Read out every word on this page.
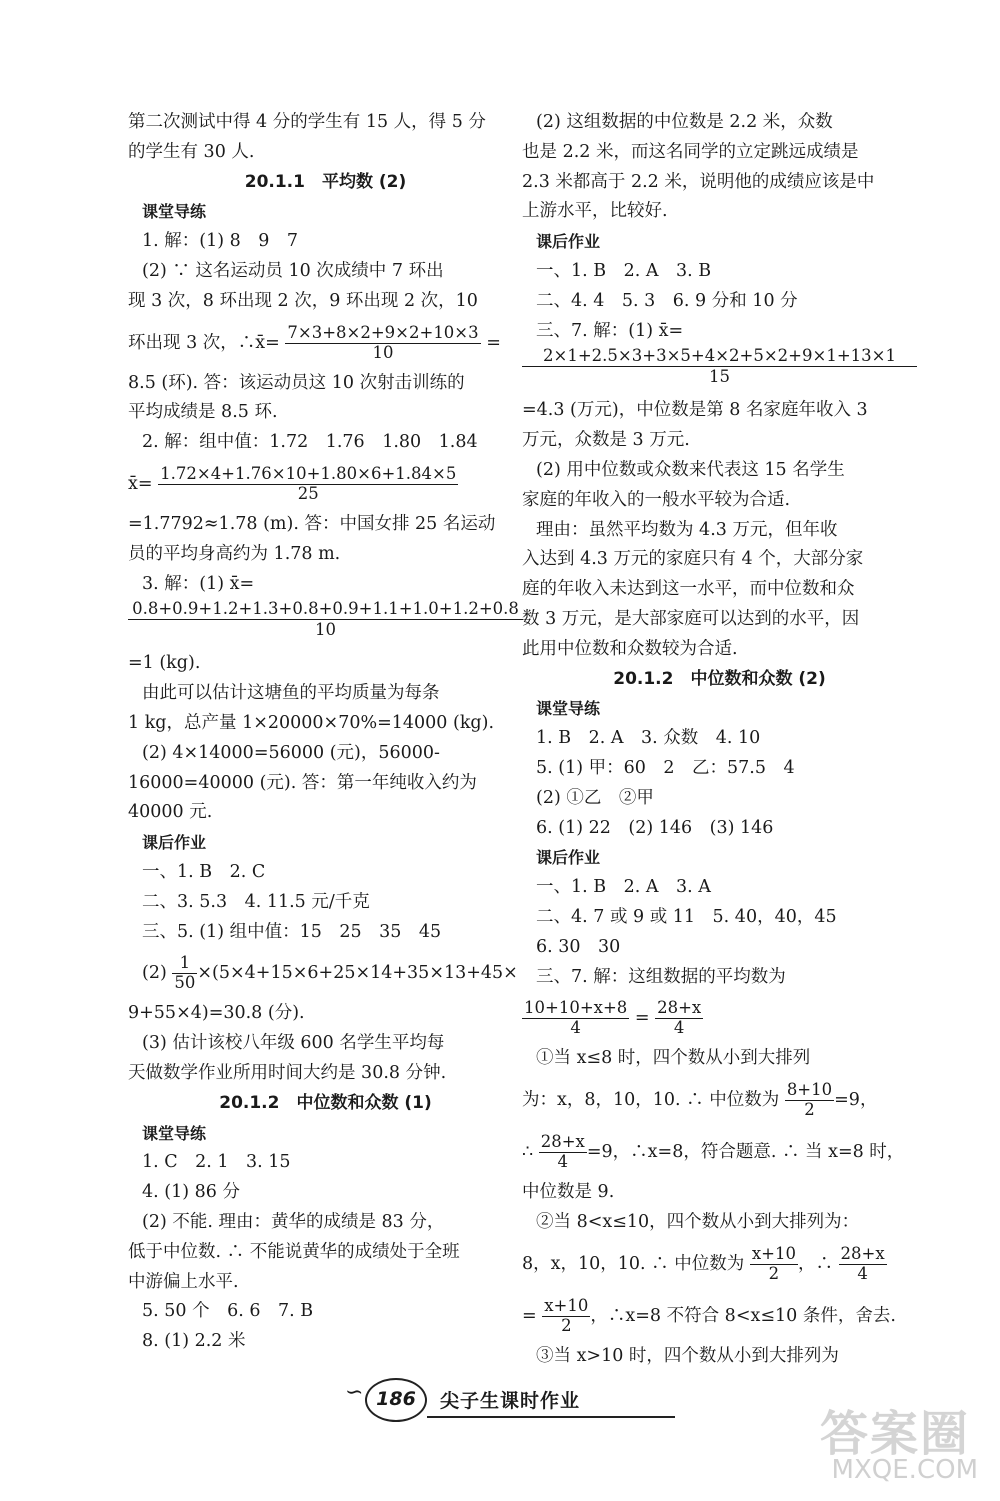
第二次测试中得 4 分的学生有 15 人，得 5 分
的学生有 30 人.
20.1.1　平均数 (2)
课堂导练
1. 解：(1) 8　9　7
(2) ∵ 这名运动员 10 次成绩中 7 环出
现 3 次，8 环出现 2 次，9 环出现 2 次，10
环出现 3 次，∴x̄= $\frac{7\times 3+8\times 2+9\times 2+10\times 3}{10}$ =
8.5 (环). 答：该运动员这 10 次射击训练的
平均成绩是 8.5 环.
2. 解：组中值：1.72　1.76　1.80　1.84
x̄= $\frac{1.72\times 4+1.76\times 10+1.80\times 6+1.84\times 5}{25}$
=1.7792≈1.78 (m). 答：中国女排 25 名运动
员的平均身高约为 1.78 m.
3. 解：(1) x̄=
0.8+0.9+1.2+1.3+0.8+0.9+1.1+1.0+1.2+0.8
10
=1 (kg).
由此可以估计这塘鱼的平均质量为每条
1 kg，总产量 1×20000×70%=14000 (kg).
(2) 4×14000=56000 (元)，56000-
16000=40000 (元). 答：第一年纯收入约为
40000 元.
课后作业
一、1. B　2. C
二、3. 5.3　4. 11.5 元/千克
三、5. (1) 组中值：15　25　35　45
$(2) \frac{1}{50} \times(5\times 4+15\times 6+25\times 14+35\times 13+45\times$
9+55×4)=30.8 (分).
(3) 估计该校八年级 600 名学生平均每
天做数学作业所用时间大约是 30.8 分钟.
20.1.2　中位数和众数 (1)
课堂导练
1. C　2. 1　3. 15
4. (1) 86 分
(2) 不能. 理由：黄华的成绩是 83 分，
低于中位数. ∴ 不能说黄华的成绩处于全班
中游偏上水平.
5. 50 个　6. 6　7. B
8. (1) 2.2 米
(2) 这组数据的中位数是 2.2 米，众数
也是 2.2 米，而这名同学的立定跳远成绩是
2.3 米都高于 2.2 米，说明他的成绩应该是中
上游水平，比较好.
课后作业
一、1. B　2. A　3. B
二、4. 4　5. 3　6. 9 分和 10 分
三、7. 解：(1) x̄=
2×1+2.5×3+3×5+4×2+5×2+9×1+13×1
15
=4.3 (万元)，中位数是第 8 名家庭年收入 3
万元，众数是 3 万元.
(2) 用中位数或众数来代表这 15 名学生
家庭的年收入的一般水平较为合适.
理由：虽然平均数为 4.3 万元，但年收
入达到 4.3 万元的家庭只有 4 个，大部分家
庭的年收入未达到这一水平，而中位数和众
数 3 万元，是大部家庭可以达到的水平，因
此用中位数和众数较为合适.
20.1.2　中位数和众数 (2)
课堂导练
1. B　2. A　3. 众数　4. 10
5. (1) 甲：60　2　乙：57.5　4
(2) ①乙　②甲
6. (1) 22　(2) 146　(3) 146
课后作业
一、1. B　2. A　3. A
二、4. 7 或 9 或 11　5. 40，40，45
6. 30　30
三、7. 解：这组数据的平均数为
$\frac{10+10+x+8}{4} = \frac{28+x}{4}$
①当 x≤8 时，四个数从小到大排列
为：x，8，10，10. ∴ 中位数为 $\frac{8+10}{2} =9$，
∴ $\frac{28+x}{4} =9$，∴x=8，符合题意. ∴ 当 x=8 时，
中位数是 9.
②当 8<x≤10，四个数从小到大排列为：
8，x，10，10. ∴ 中位数为 $\frac{x+10}{2}$ ，∴ $\frac{28+x}{4}$
= $\frac{x+10}{2}$ ，∴x=8 不符合 8<x≤10 条件，舍去.
③当 x>10 时，四个数从小到大排列为
∽ 186	尖子生课时作业
答案圈
MXQE.COM
